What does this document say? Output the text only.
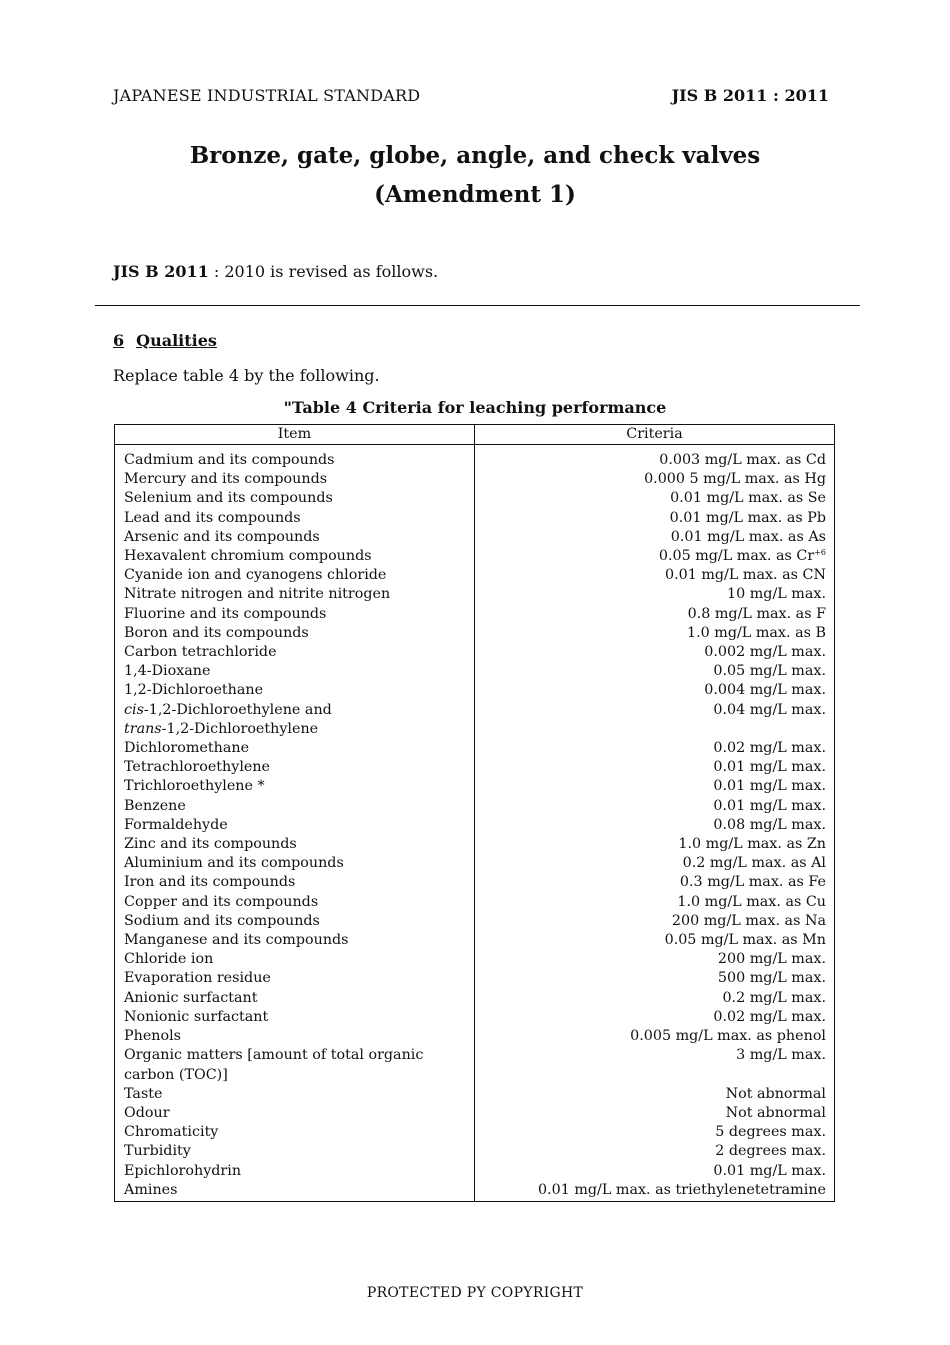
JAPANESE INDUSTRIAL STANDARD	JIS B 2011 : 2011
Bronze, gate, globe, angle, and check valves
(Amendment 1)
JIS B 2011 : 2010 is revised as follows.
6 Qualities
Replace table 4 by the following.
"Table 4 Criteria for leaching performance
Item	Criteria
Cadmium and its compounds	0.003 mg/L max. as Cd
Mercury and its compounds	0.000 5 mg/L max. as Hg
Selenium and its compounds	0.01 mg/L max. as Se
Lead and its compounds	0.01 mg/L max. as Pb
Arsenic and its compounds	0.01 mg/L max. as As
Hexavalent chromium compounds	0.05 mg/L max. as $Cr^{+6}$
Cyanide ion and cyanogens chloride	0.01 mg/L max. as CN
Nitrate nitrogen and nitrite nitrogen	10 mg/L max.
Fluorine and its compounds	0.8 mg/L max. as F
Boron and its compounds	1.0 mg/L max. as B
Carbon tetrachloride	0.002 mg/L max.
1,4-Dioxane	0.05 mg/L max.
1,2-Dichloroethane	0.004 mg/L max.
cis-1,2-Dichloroethylene and	0.04 mg/L max.
trans-1,2-Dichloroethylene	
Dichloromethane	0.02 mg/L max.
Tetrachloroethylene	0.01 mg/L max.
Trichloroethylene *	0.01 mg/L max.
Benzene	0.01 mg/L max.
Formaldehyde	0.08 mg/L max.
Zinc and its compounds	1.0 mg/L max. as Zn
Aluminium and its compounds	0.2 mg/L max. as Al
Iron and its compounds	0.3 mg/L max. as Fe
Copper and its compounds	1.0 mg/L max. as Cu
Sodium and its compounds	200 mg/L max. as Na
Manganese and its compounds	0.05 mg/L max. as Mn
Chloride ion	200 mg/L max.
Evaporation residue	500 mg/L max.
Anionic surfactant	0.2 mg/L max.
Nonionic surfactant	0.02 mg/L max.
Phenols	0.005 mg/L max. as phenol
Organic matters [amount of total organic	3 mg/L max.
carbon (TOC)]	
Taste	Not abnormal
Odour	Not abnormal
Chromaticity	5 degrees max.
Turbidity	2 degrees max.
Epichlorohydrin	0.01 mg/L max.
Amines	0.01 mg/L max. as triethylenetetramine
PROTECTED PY COPYRIGHT
